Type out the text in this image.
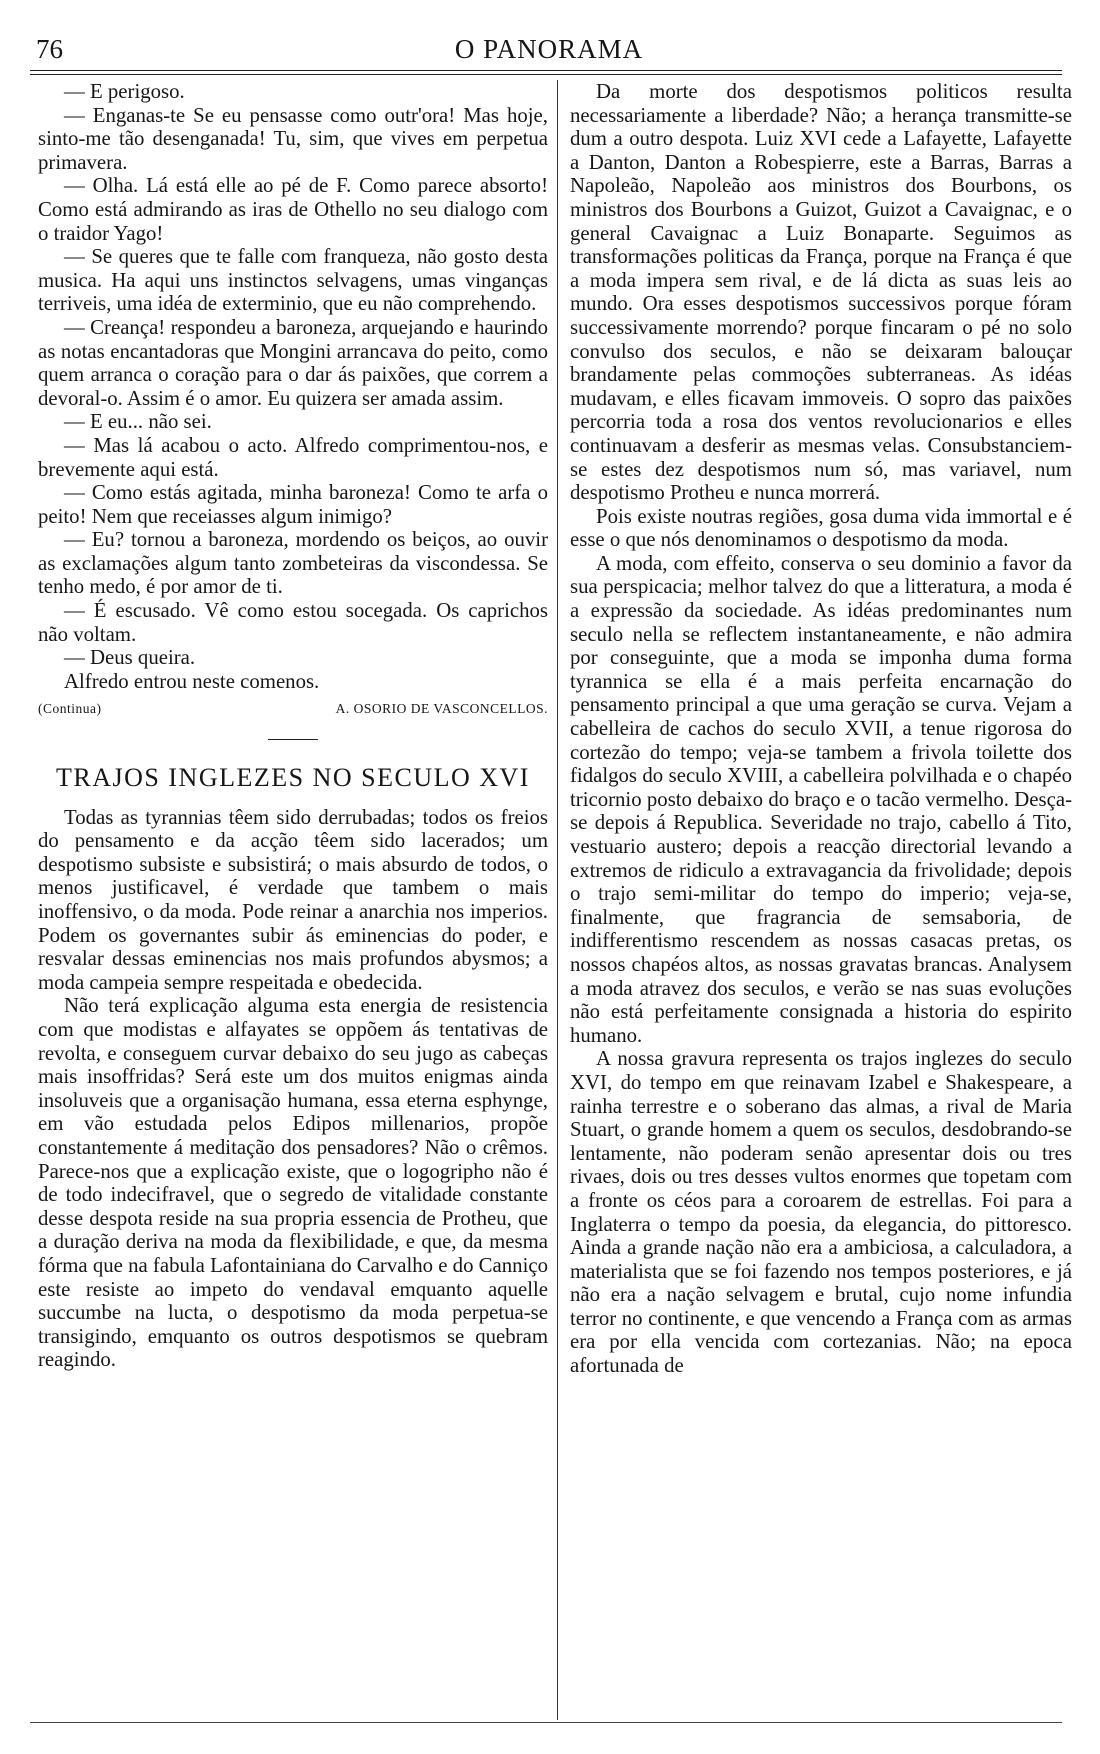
76	O PANORAMA

— E perigoso.

— Enganas-te Se eu pensasse como outr'ora! Mas hoje, sinto-me tão desenganada! Tu, sim, que vives em perpetua primavera.

— Olha. Lá está elle ao pé de F. Como parece absorto! Como está admirando as iras de Othello no seu dialogo com o traidor Yago!

— Se queres que te falle com franqueza, não gosto desta musica. Ha aqui uns instinctos selvagens, umas vinganças terriveis, uma idéa de exterminio, que eu não comprehendo.

— Creança! respondeu a baroneza, arquejando e haurindo as notas encantadoras que Mongini arrancava do peito, como quem arranca o coração para o dar ás paixões, que correm a devoral-o. Assim é o amor. Eu quizera ser amada assim.

— E eu... não sei.

— Mas lá acabou o acto. Alfredo comprimentou-nos, e brevemente aqui está.

— Como estás agitada, minha baroneza! Como te arfa o peito! Nem que receiasses algum inimigo?

— Eu? tornou a baroneza, mordendo os beiços, ao ouvir as exclamações algum tanto zombeteiras da viscondessa. Se tenho medo, é por amor de ti.

— É escusado. Vê como estou socegada. Os caprichos não voltam.

— Deus queira.

Alfredo entrou neste comenos.

(Continua)	A. OSORIO DE VASCONCELLOS.
TRAJOS INGLEZES NO SECULO XVI

Todas as tyrannias têem sido derrubadas; todos os freios do pensamento e da acção têem sido lacerados; um despotismo subsiste e subsistirá; o mais absurdo de todos, o menos justificavel, é verdade que tambem o mais inoffensivo, o da moda. Pode reinar a anarchia nos imperios. Podem os governantes subir ás eminencias do poder, e resvalar dessas eminencias nos mais profundos abysmos; a moda campeia sempre respeitada e obedecida.

Não terá explicação alguma esta energia de resistencia com que modistas e alfayates se oppõem ás tentativas de revolta, e conseguem curvar debaixo do seu jugo as cabeças mais insoffridas? Será este um dos muitos enigmas ainda insoluveis que a organisação humana, essa eterna esphynge, em vão estudada pelos Edipos millenarios, propõe constantemente á meditação dos pensadores? Não o crêmos. Parece-nos que a explicação existe, que o logogripho não é de todo indecifravel, que o segredo de vitalidade constante desse despota reside na sua propria essencia de Protheu, que a duração deriva na moda da flexibilidade, e que, da mesma fórma que na fabula Lafontainiana do Carvalho e do Canniço este resiste ao impeto do vendaval emquanto aquelle succumbe na lucta, o despotismo da moda perpetua-se transigindo, emquanto os outros despotismos se quebram reagindo.

Da morte dos despotismos politicos resulta necessariamente a liberdade? Não; a herança transmitte-se dum a outro despota. Luiz XVI cede a Lafayette, Lafayette a Danton, Danton a Robespierre, este a Barras, Barras a Napoleão, Napoleão aos ministros dos Bourbons, os ministros dos Bourbons a Guizot, Guizot a Cavaignac, e o general Cavaignac a Luiz Bonaparte. Seguimos as transformações politicas da França, porque na França é que a moda impera sem rival, e de lá dicta as suas leis ao mundo. Ora esses despotismos successivos porque fóram successivamente morrendo? porque fincaram o pé no solo convulso dos seculos, e não se deixaram balouçar brandamente pelas commoções subterraneas. As idéas mudavam, e elles ficavam immoveis. O sopro das paixões percorria toda a rosa dos ventos revolucionarios e elles continuavam a desferir as mesmas velas. Consubstanciem-se estes dez despotismos num só, mas variavel, num despotismo Protheu e nunca morrerá.

Pois existe noutras regiões, gosa duma vida immortal e é esse o que nós denominamos o despotismo da moda.

A moda, com effeito, conserva o seu dominio a favor da sua perspicacia; melhor talvez do que a litteratura, a moda é a expressão da sociedade. As idéas predominantes num seculo nella se reflectem instantaneamente, e não admira por conseguinte, que a moda se imponha duma forma tyrannica se ella é a mais perfeita encarnação do pensamento principal a que uma geração se curva. Vejam a cabelleira de cachos do seculo XVII, a tenue rigorosa do cortezão do tempo; veja-se tambem a frivola toilette dos fidalgos do seculo XVIII, a cabelleira polvilhada e o chapéo tricornio posto debaixo do braço e o tacão vermelho. Desça-se depois á Republica. Severidade no trajo, cabello á Tito, vestuario austero; depois a reacção directorial levando a extremos de ridiculo a extravagancia da frivolidade; depois o trajo semi-militar do tempo do imperio; veja-se, finalmente, que fragrancia de semsaboria, de indifferentismo rescendem as nossas casacas pretas, os nossos chapéos altos, as nossas gravatas brancas. Analysem a moda atravez dos seculos, e verão se nas suas evoluções não está perfeitamente consignada a historia do espirito humano.

A nossa gravura representa os trajos inglezes do seculo XVI, do tempo em que reinavam Izabel e Shakespeare, a rainha terrestre e o soberano das almas, a rival de Maria Stuart, o grande homem a quem os seculos, desdobrando-se lentamente, não poderam senão apresentar dois ou tres rivaes, dois ou tres desses vultos enormes que topetam com a fronte os céos para a coroarem de estrellas. Foi para a Inglaterra o tempo da poesia, da elegancia, do pittoresco. Ainda a grande nação não era a ambiciosa, a calculadora, a materialista que se foi fazendo nos tempos posteriores, e já não era a nação selvagem e brutal, cujo nome infundia terror no continente, e que vencendo a França com as armas era por ella vencida com cortezanias. Não; na epoca afortunada de
